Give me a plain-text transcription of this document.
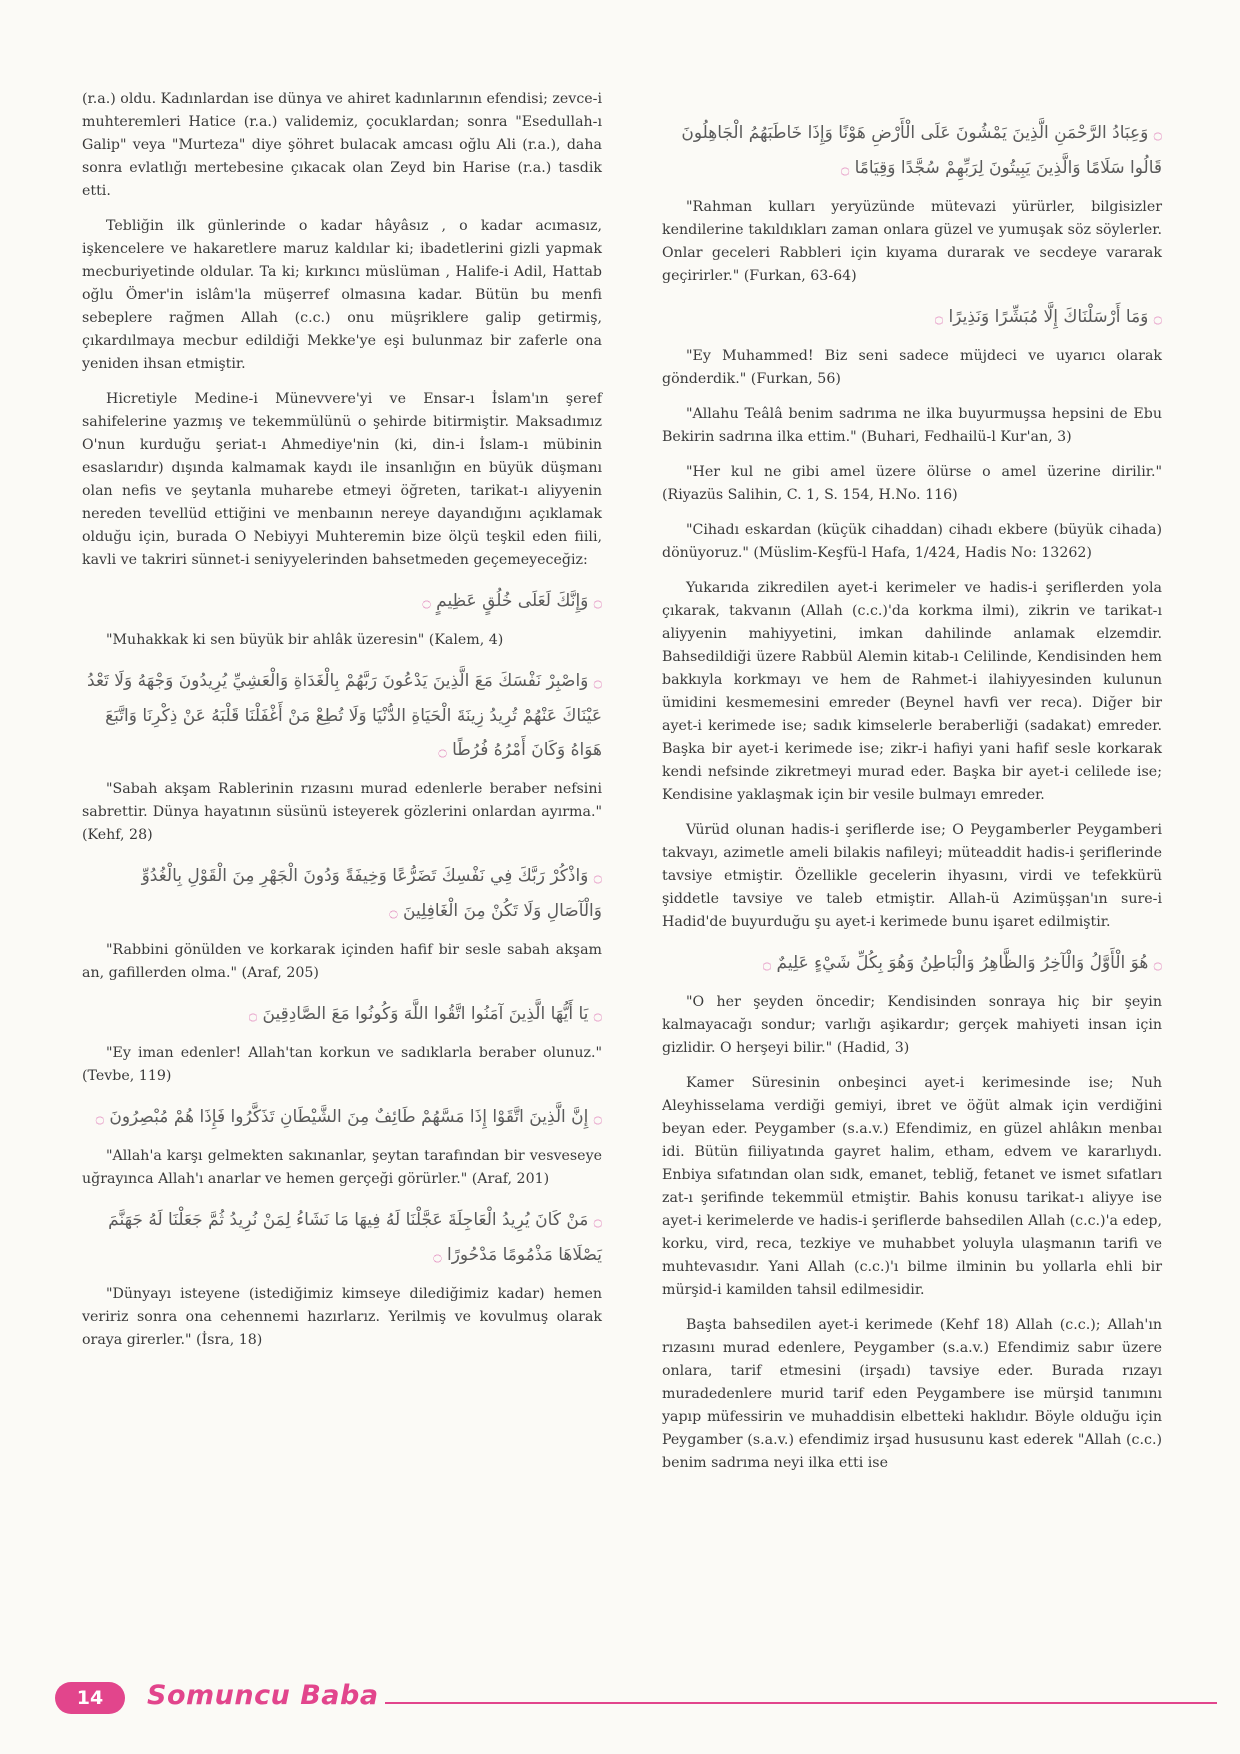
(r.a.) oldu. Kadınlardan ise dünya ve ahiret kadınlarının efendisi; zevce-i muhteremleri Hatice (r.a.) validemiz, çocuklardan; sonra "Esedullah-ı Galip" veya "Murteza" diye şöhret bulacak amcası oğlu Ali (r.a.), daha sonra evlatlığı mertebesine çıkacak olan Zeyd bin Harise (r.a.) tasdik etti.

Tebliğin ilk günlerinde o kadar hâyâsız , o kadar acımasız, işkencelere ve hakaretlere maruz kaldılar ki; ibadetlerini gizli yapmak mecburiyetinde oldular. Ta ki; kırkıncı müslüman , Halife-i Adil, Hattab oğlu Ömer'in islâm'la müşerref olmasına kadar. Bütün bu menfi sebeplere rağmen Allah (c.c.) onu müşriklere galip getirmiş, çıkardılmaya mecbur edildiği Mekke'ye eşi bulunmaz bir zaferle ona yeniden ihsan etmiştir.

Hicretiyle Medine-i Münevvere'yi ve Ensar-ı İslam'ın şeref sahifelerine yazmış ve tekemmülünü o şehirde bitirmiştir. Maksadımız O'nun kurduğu şeriat-ı Ahmediye'nin (ki, din-i İslam-ı mübinin esaslarıdır) dışında kalmamak kaydı ile insanlığın en büyük düşmanı olan nefis ve şeytanla muharebe etmeyi öğreten, tarikat-ı aliyyenin nereden tevellüd ettiğini ve menbaının nereye dayandığını açıklamak olduğu için, burada O Nebiyyi Muhteremin bize ölçü teşkil eden fiili, kavli ve takriri sünnet-i seniyyelerinden bahsetmeden geçemeyeceğiz:

۝ وَإِنَّكَ لَعَلَى خُلُقٍ عَظِيمٍ ۝

"Muhakkak ki sen büyük bir ahlâk üzeresin" (Kalem, 4)

۝ وَاصْبِرْ نَفْسَكَ مَعَ الَّذِينَ يَدْعُونَ رَبَّهُمْ بِالْغَدَاةِ وَالْعَشِيِّ يُرِيدُونَ وَجْهَهُ وَلَا تَعْدُ عَيْنَاكَ عَنْهُمْ تُرِيدُ زِينَةَ الْحَيَاةِ الدُّنْيَا وَلَا تُطِعْ مَنْ أَغْفَلْنَا قَلْبَهُ عَنْ ذِكْرِنَا وَاتَّبَعَ هَوَاهُ وَكَانَ أَمْرُهُ فُرُطًا ۝

"Sabah akşam Rablerinin rızasını murad edenlerle beraber nefsini sabrettir. Dünya hayatının süsünü isteyerek gözlerini onlardan ayırma." (Kehf, 28)

۝ وَاذْكُرْ رَبَّكَ فِي نَفْسِكَ تَضَرُّعًا وَخِيفَةً وَدُونَ الْجَهْرِ مِنَ الْقَوْلِ بِالْغُدُوِّ وَالْآصَالِ وَلَا تَكُنْ مِنَ الْغَافِلِينَ ۝

"Rabbini gönülden ve korkarak içinden hafif bir sesle sabah akşam an, gafillerden olma." (Araf, 205)

۝ يَا أَيُّهَا الَّذِينَ آمَنُوا اتَّقُوا اللَّهَ وَكُونُوا مَعَ الصَّادِقِينَ ۝

"Ey iman edenler! Allah'tan korkun ve sadıklarla beraber olunuz." (Tevbe, 119)

۝ إِنَّ الَّذِينَ اتَّقَوْا إِذَا مَسَّهُمْ طَائِفٌ مِنَ الشَّيْطَانِ تَذَكَّرُوا فَإِذَا هُمْ مُبْصِرُونَ ۝

"Allah'a karşı gelmekten sakınanlar, şeytan tarafından bir vesveseye uğrayınca Allah'ı anarlar ve hemen gerçeği görürler." (Araf, 201)

۝ مَنْ كَانَ يُرِيدُ الْعَاجِلَةَ عَجَّلْنَا لَهُ فِيهَا مَا نَشَاءُ لِمَنْ نُرِيدُ ثُمَّ جَعَلْنَا لَهُ جَهَنَّمَ يَصْلَاهَا مَذْمُومًا مَدْحُورًا ۝

"Dünyayı isteyene (istediğimiz kimseye dilediğimiz kadar) hemen veririz sonra ona cehennemi hazırlarız. Yerilmiş ve kovulmuş olarak oraya girerler." (İsra, 18)

۝ وَعِبَادُ الرَّحْمَنِ الَّذِينَ يَمْشُونَ عَلَى الْأَرْضِ هَوْنًا وَإِذَا خَاطَبَهُمُ الْجَاهِلُونَ قَالُوا سَلَامًا وَالَّذِينَ يَبِيتُونَ لِرَبِّهِمْ سُجَّدًا وَقِيَامًا ۝

"Rahman kulları yeryüzünde mütevazi yürürler, bilgisizler kendilerine takıldıkları zaman onlara güzel ve yumuşak söz söylerler. Onlar geceleri Rabbleri için kıyama durarak ve secdeye vararak geçirirler." (Furkan, 63-64)

۝ وَمَا أَرْسَلْنَاكَ إِلَّا مُبَشِّرًا وَنَذِيرًا ۝

"Ey Muhammed! Biz seni sadece müjdeci ve uyarıcı olarak gönderdik." (Furkan, 56)

"Allahu Teâlâ benim sadrıma ne ilka buyurmuşsa hepsini de Ebu Bekirin sadrına ilka ettim." (Buhari, Fedhailü-l Kur'an, 3)

"Her kul ne gibi amel üzere ölürse o amel üzerine dirilir." (Riyazüs Salihin, C. 1, S. 154, H.No. 116)

"Cihadı eskardan (küçük cihaddan) cihadı ekbere (büyük cihada) dönüyoruz." (Müslim-Keşfü-l Hafa, 1/424, Hadis No: 13262)

Yukarıda zikredilen ayet-i kerimeler ve hadis-i şeriflerden yola çıkarak, takvanın (Allah (c.c.)'da korkma ilmi), zikrin ve tarikat-ı aliyyenin mahiyyetini, imkan dahilinde anlamak elzemdir. Bahsedildiği üzere Rabbül Alemin kitab-ı Celilinde, Kendisinden hem bakkıyla korkmayı ve hem de Rahmet-i ilahiyyesinden kulunun ümidini kesmemesini emreder (Beynel havfi ver reca). Diğer bir ayet-i kerimede ise; sadık kimselerle beraberliği (sadakat) emreder. Başka bir ayet-i kerimede ise; zikr-i hafiyi yani hafif sesle korkarak kendi nefsinde zikretmeyi murad eder. Başka bir ayet-i celilede ise; Kendisine yaklaşmak için bir vesile bulmayı emreder.

Vürüd olunan hadis-i şeriflerde ise; O Peygamberler Peygamberi takvayı, azimetle ameli bilakis nafileyi; müteaddit hadis-i şeriflerinde tavsiye etmiştir. Özellikle gecelerin ihyasını, virdi ve tefekkürü şiddetle tavsiye ve taleb etmiştir. Allah-ü Azimüşşan'ın sure-i Hadid'de buyurduğu şu ayet-i kerimede bunu işaret edilmiştir.

۝ هُوَ الْأَوَّلُ وَالْآخِرُ وَالظَّاهِرُ وَالْبَاطِنُ وَهُوَ بِكُلِّ شَيْءٍ عَلِيمٌ ۝

"O her şeyden öncedir; Kendisinden sonraya hiç bir şeyin kalmayacağı sondur; varlığı aşikardır; gerçek mahiyeti insan için gizlidir. O herşeyi bilir." (Hadid, 3)

Kamer Süresinin onbeşinci ayet-i kerimesinde ise; Nuh Aleyhisselama verdiği gemiyi, ibret ve öğüt almak için verdiğini beyan eder. Peygamber (s.a.v.) Efendimiz, en güzel ahlâkın menbaı idi. Bütün fiiliyatında gayret halim, etham, edvem ve kararlıydı. Enbiya sıfatından olan sıdk, emanet, tebliğ, fetanet ve ismet sıfatları zat-ı şerifinde tekemmül etmiştir. Bahis konusu tarikat-ı aliyye ise ayet-i kerimelerde ve hadis-i şeriflerde bahsedilen Allah (c.c.)'a edep, korku, vird, reca, tezkiye ve muhabbet yoluyla ulaşmanın tarifi ve muhtevasıdır. Yani Allah (c.c.)'ı bilme ilminin bu yollarla ehli bir mürşid-i kamilden tahsil edilmesidir.

Başta bahsedilen ayet-i kerimede (Kehf 18) Allah (c.c.); Allah'ın rızasını murad edenlere, Peygamber (s.a.v.) Efendimiz sabır üzere onlara, tarif etmesini (irşadı) tavsiye eder. Burada rızayı muradedenlere murid tarif eden Peygambere ise mürşid tanımını yapıp müfessirin ve muhaddisin elbetteki haklıdır. Böyle olduğu için Peygamber (s.a.v.) efendimiz irşad hususunu kast ederek "Allah (c.c.) benim sadrıma neyi ilka etti ise

14	Somuncu Baba
